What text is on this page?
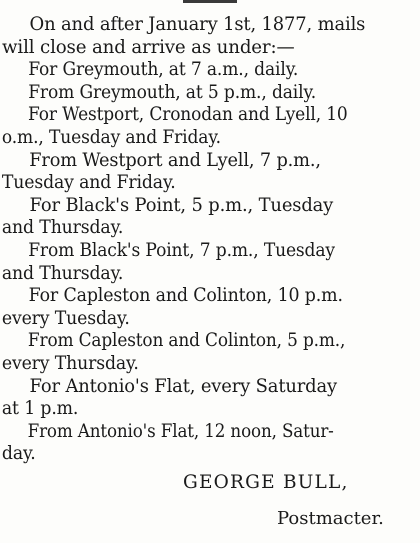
On and after January 1st, 1877, mails
will close and arrive as under:—
For Greymouth, at 7 a.m., daily.
From Greymouth, at 5 p.m., daily.
For Westport, Cronodan and Lyell, 10
o.m., Tuesday and Friday.
From Westport and Lyell, 7 p.m.,
Tuesday and Friday.
For Black's Point, 5 p.m., Tuesday
and Thursday.
From Black's Point, 7 p.m., Tuesday
and Thursday.
For Capleston and Colinton, 10 p.m.
every Tuesday.
From Capleston and Colinton, 5 p.m.,
every Thursday.
For Antonio's Flat, every Saturday
at 1 p.m.
From Antonio's Flat, 12 noon, Satur-
day.
GEORGE BULL,
Postmacter.
